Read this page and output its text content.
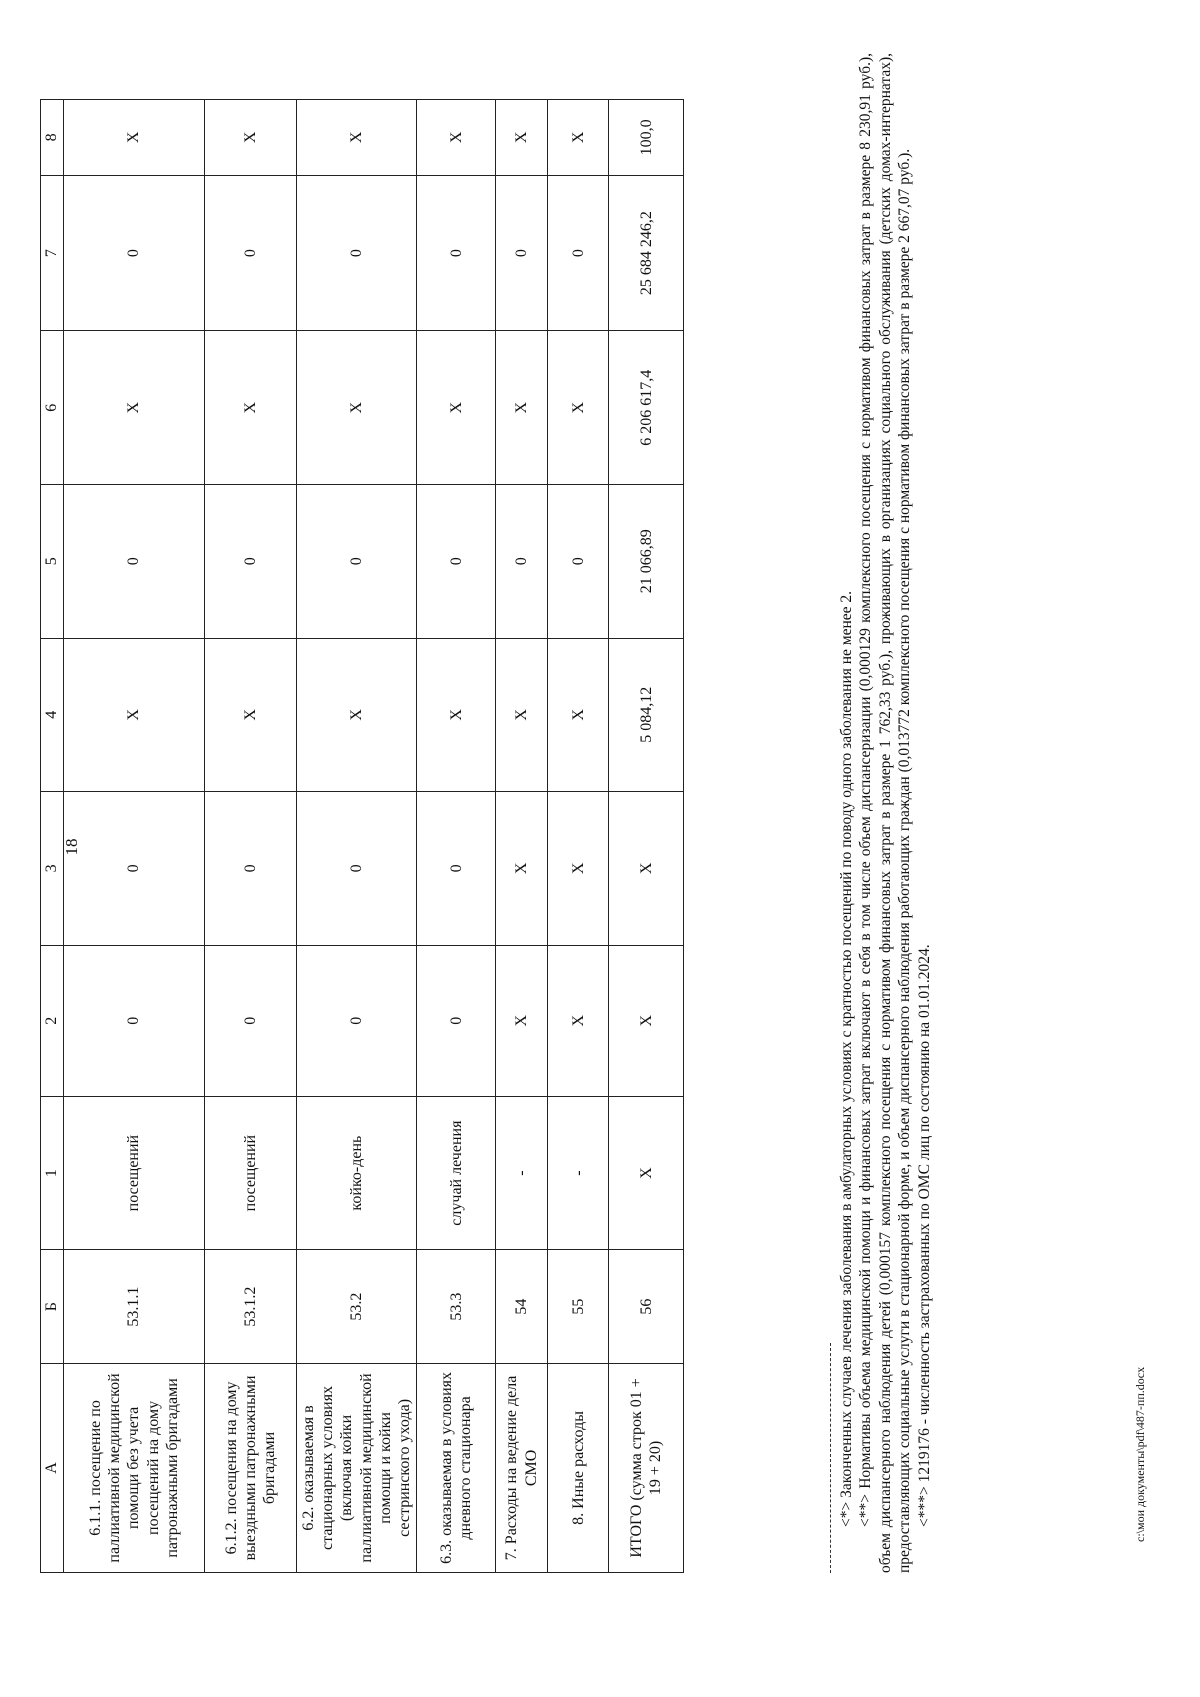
18
А	Б	1	2	3	4	5	6	7	8
6.1.1. посещение по паллиативной медицинской помощи без учета посещений на дому патронажными бригадами	53.1.1	посещений	0	0	Х	0	Х	0	Х
6.1.2. посещения на дому выездными патронажными бригадами	53.1.2	посещений	0	0	Х	0	Х	0	Х
6.2. оказываемая в стационарных условиях (включая койки паллиативной медицинской помощи и койки сестринского ухода)	53.2	койко-день	0	0	Х	0	Х	0	Х
6.3. оказываемая в условиях дневного стационара	53.3	случай лечения	0	0	Х	0	Х	0	Х
7. Расходы на ведение дела СМО	54	-	Х	Х	Х	0	Х	0	Х
8. Иные расходы	55	-	Х	Х	Х	0	Х	0	Х
ИТОГО (сумма строк 01 + 19 + 20)	56	Х	Х	Х	5 084,12	21 066,89	6 206 617,4	25 684 246,2	100,0

<*> Законченных случаев лечения заболевания в амбулаторных условиях с кратностью посещений по поводу одного заболевания не менее 2. <**> Нормативы объема медицинской помощи и финансовых затрат включают в себя в том числе объем диспансеризации (0,000129 комплексного посещения с нормативом финансовых затрат в размере 8 230,91 руб.), объем диспансерного наблюдения детей (0,000157 комплексного посещения с нормативом финансовых затрат в размере 1 762,33 руб.), проживающих в организациях социального обслуживания (детских домах-интернатах), предоставляющих социальные услуги в стационарной форме, и объем диспансерного наблюдения работающих граждан (0,013772 комплексного посещения с нормативом финансовых затрат в размере 2 667,07 руб.). <***> 1219176 - численность застрахованных по ОМС лиц по состоянию на 01.01.2024.	c:\мои документы\pdf\487-пп.docx
